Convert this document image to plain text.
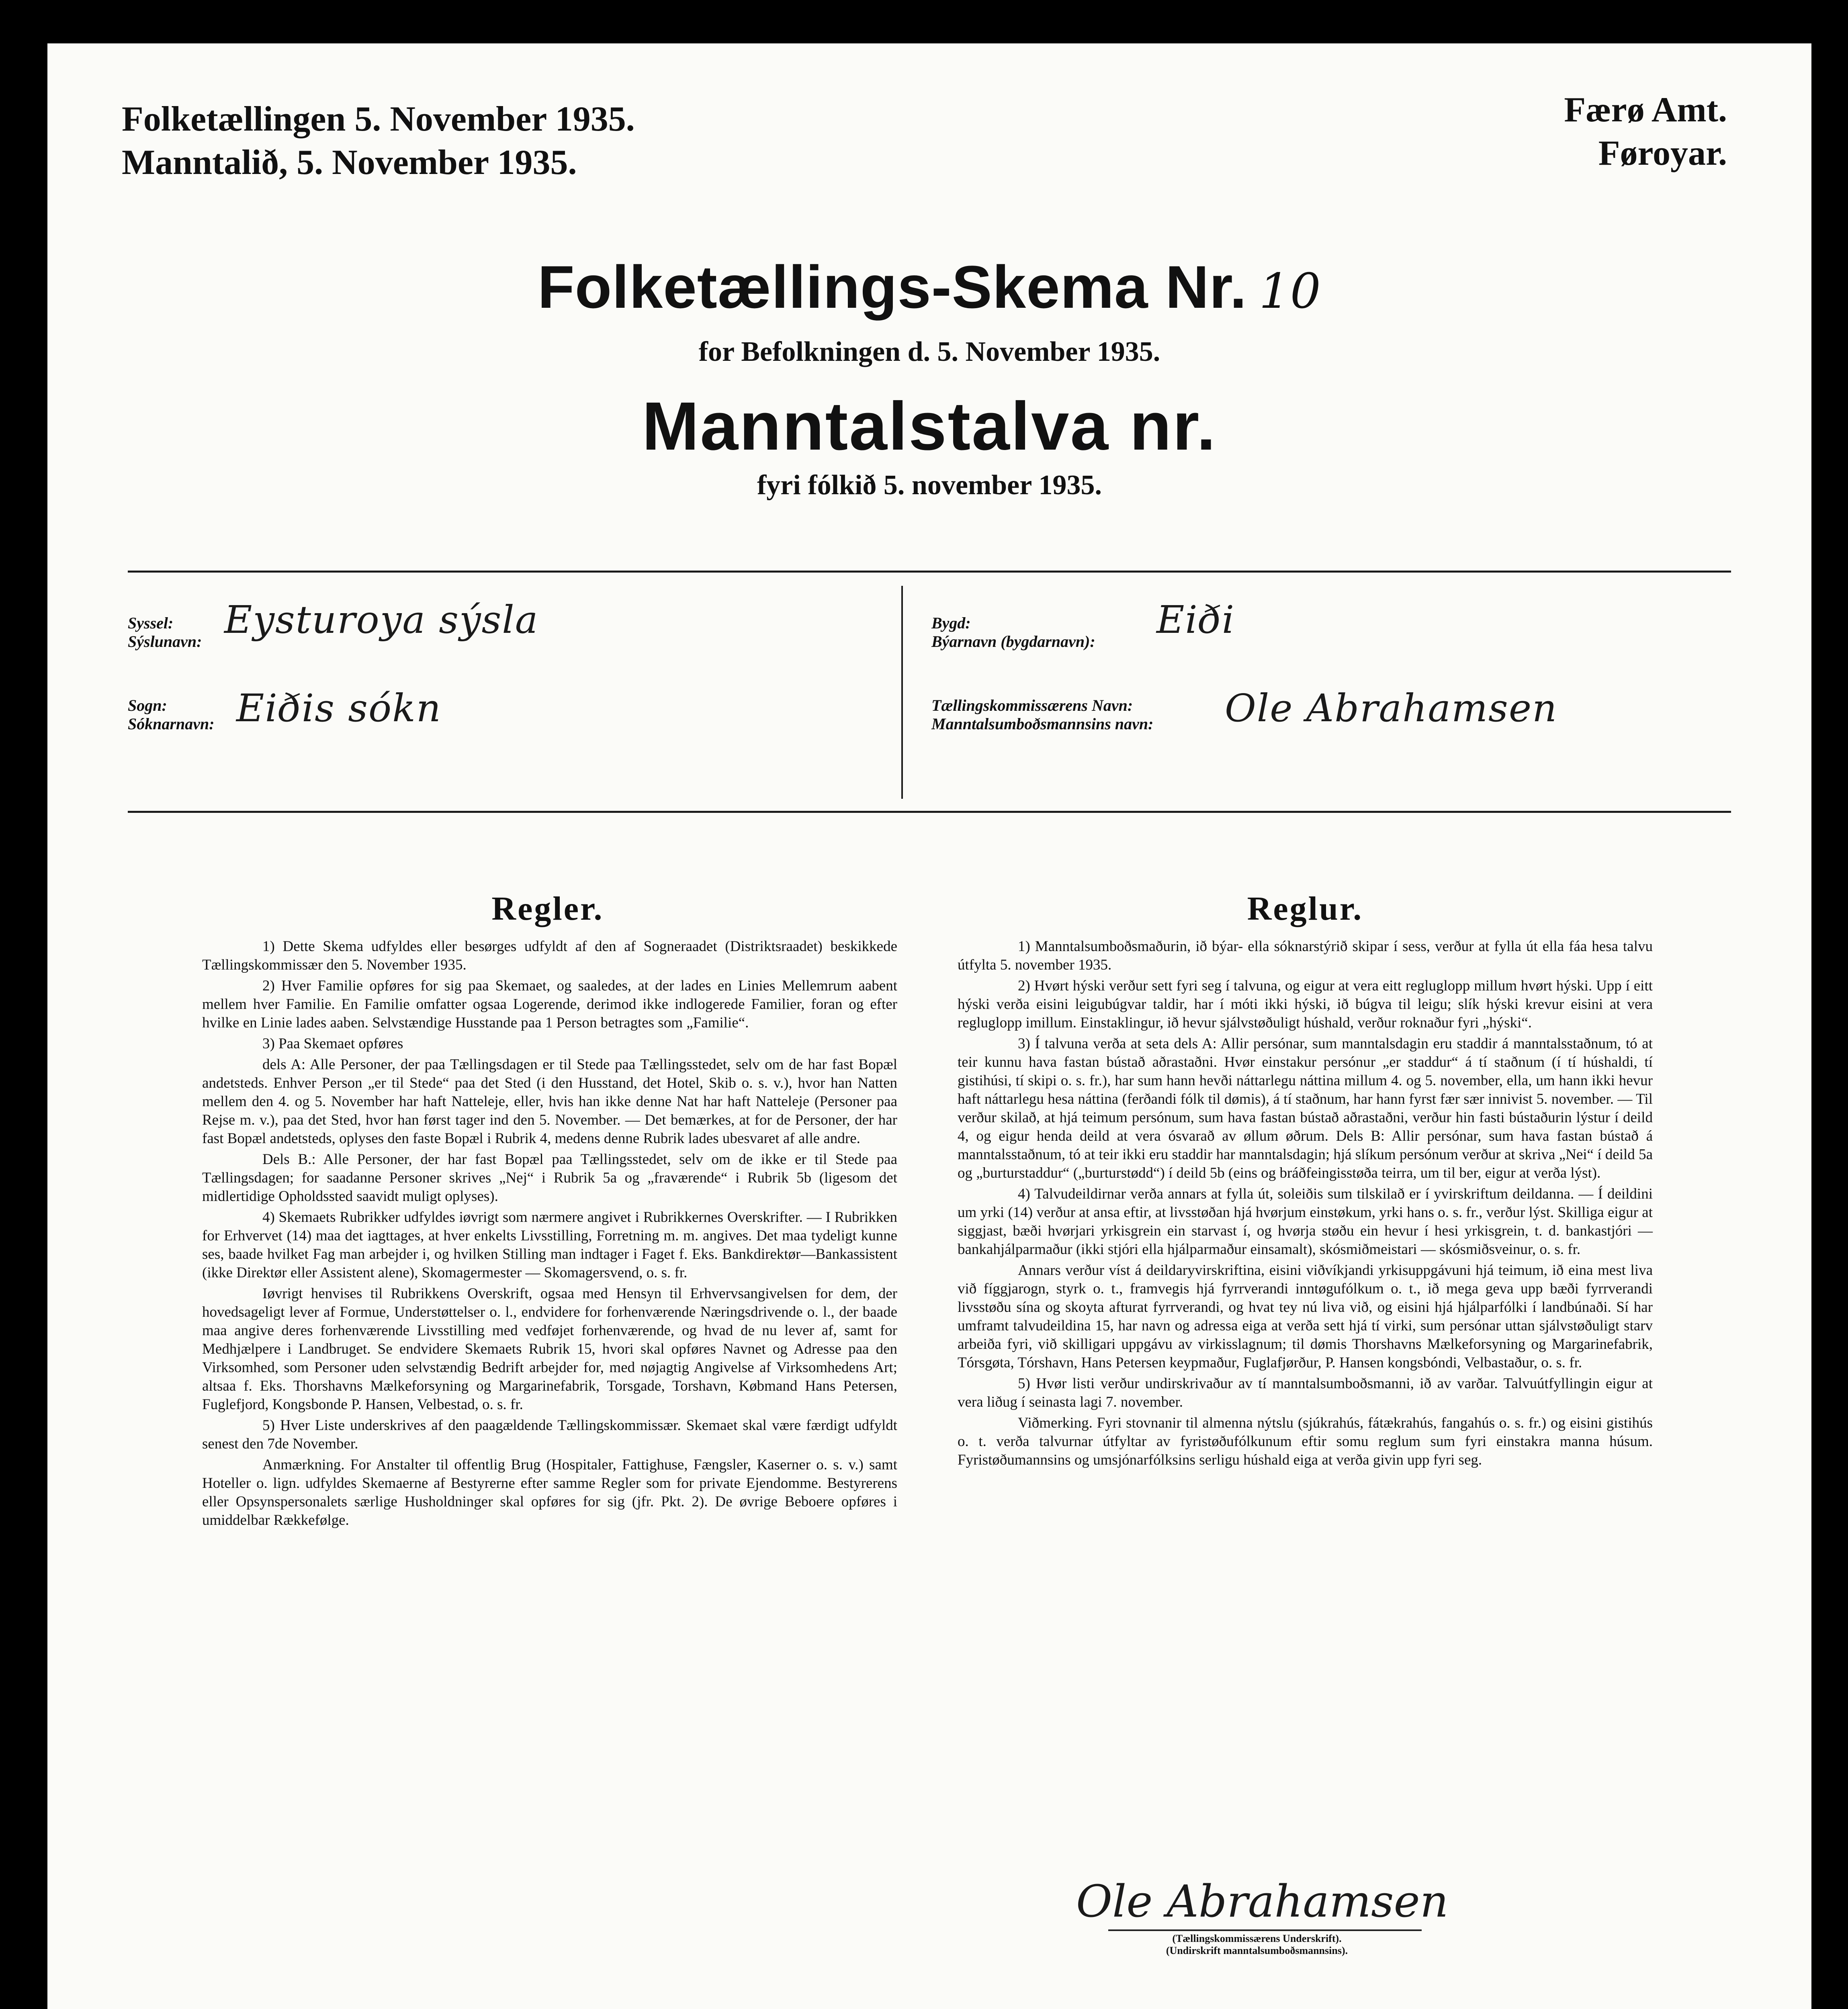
Folketællingen 5. November 1935.
Manntalið, 5. November 1935.
Færø Amt.
Føroyar.
Folketællings-Skema Nr. 10
for Befolkningen d. 5. November 1935.
Manntalstalva nr.
fyri fólkið 5. november 1935.
Syssel:
Sýslunavn: Eysturoya sýsla
Sogn:
Sóknarnavn: Eiðis sókn
Bygd:
Býarnavn (bygdarnavn): Eiði
Tællingskommissærens Navn:
Manntalsumboðsmannsins navn: Ole Abrahamsen
Regler.

1) Dette Skema udfyldes eller besørges udfyldt af den af Sogneraadet (Distriktsraadet) beskikkede Tællingskommissær den 5. November 1935.

2) Hver Familie opføres for sig paa Skemaet, og saaledes, at der lades en Linies Mellemrum aabent mellem hver Familie. En Familie omfatter ogsaa Logerende, derimod ikke indlogerede Familier, foran og efter hvilke en Linie lades aaben. Selvstændige Husstande paa 1 Person betragtes som „Familie“.

3) Paa Skemaet opføres

dels A: Alle Personer, der paa Tællingsdagen er til Stede paa Tællingsstedet, selv om de har fast Bopæl andetsteds. Enhver Person „er til Stede“ paa det Sted (i den Husstand, det Hotel, Skib o. s. v.), hvor han Natten mellem den 4. og 5. November har haft Natteleje, eller, hvis han ikke denne Nat har haft Natteleje (Personer paa Rejse m. v.), paa det Sted, hvor han først tager ind den 5. November. — Det bemærkes, at for de Personer, der har fast Bopæl andetsteds, oplyses den faste Bopæl i Rubrik 4, medens denne Rubrik lades ubesvaret af alle andre.

Dels B.: Alle Personer, der har fast Bopæl paa Tællingsstedet, selv om de ikke er til Stede paa Tællingsdagen; for saadanne Personer skrives „Nej“ i Rubrik 5a og „fraværende“ i Rubrik 5b (ligesom det midlertidige Opholdssted saavidt muligt oplyses).

4) Skemaets Rubrikker udfyldes iøvrigt som nærmere angivet i Rubrikkernes Overskrifter. — I Rubrikken for Erhvervet (14) maa det iagttages, at hver enkelts Livsstilling, Forretning m. m. angives. Det maa tydeligt kunne ses, baade hvilket Fag man arbejder i, og hvilken Stilling man indtager i Faget f. Eks. Bankdirektør—Bankassistent (ikke Direktør eller Assistent alene), Skomagermester — Skomagersvend, o. s. fr.

Iøvrigt henvises til Rubrikkens Overskrift, ogsaa med Hensyn til Erhvervsangivelsen for dem, der hovedsageligt lever af Formue, Understøttelser o. l., endvidere for forhenværende Næringsdrivende o. l., der baade maa angive deres forhenværende Livsstilling med vedføjet forhenværende, og hvad de nu lever af, samt for Medhjælpere i Landbruget. Se endvidere Skemaets Rubrik 15, hvori skal opføres Navnet og Adresse paa den Virksomhed, som Personer uden selvstændig Bedrift arbejder for, med nøjagtig Angivelse af Virksomhedens Art; altsaa f. Eks. Thorshavns Mælkeforsyning og Margarinefabrik, Torsgade, Torshavn, Købmand Hans Petersen, Fuglefjord, Kongsbonde P. Hansen, Velbestad, o. s. fr.

5) Hver Liste underskrives af den paagældende Tællingskommissær. Skemaet skal være færdigt udfyldt senest den 7de November.

Anmærkning. For Anstalter til offentlig Brug (Hospitaler, Fattighuse, Fængsler, Kaserner o. s. v.) samt Hoteller o. lign. udfyldes Skemaerne af Bestyrerne efter samme Regler som for private Ejendomme. Bestyrerens eller Opsynspersonalets særlige Husholdninger skal opføres for sig (jfr. Pkt. 2). De øvrige Beboere opføres i umiddelbar Rækkefølge.

Reglur.

1) Manntalsumboðsmaðurin, ið býar- ella sóknarstýrið skipar í sess, verður at fylla út ella fáa hesa talvu útfylta 5. november 1935.

2) Hvørt hýski verður sett fyri seg í talvuna, og eigur at vera eitt regluglopp millum hvørt hýski. Upp í eitt hýski verða eisini leigubúgvar taldir, har í móti ikki hýski, ið búgva til leigu; slík hýski krevur eisini at vera regluglopp imillum. Einstaklingur, ið hevur sjálvstøðuligt húshald, verður roknaður fyri „hýski“.

3) Í talvuna verða at seta dels A: Allir persónar, sum manntalsdagin eru staddir á manntalsstaðnum, tó at teir kunnu hava fastan bústað aðrastaðni. Hvør einstakur persónur „er staddur“ á tí staðnum (í tí húshaldi, tí gistihúsi, tí skipi o. s. fr.), har sum hann hevði náttarlegu náttina millum 4. og 5. november, ella, um hann ikki hevur haft náttarlegu hesa náttina (ferðandi fólk til dømis), á tí staðnum, har hann fyrst fær sær innivist 5. november. — Til verður skilað, at hjá teimum persónum, sum hava fastan bústað aðrastaðni, verður hin fasti bústaðurin lýstur í deild 4, og eigur henda deild at vera ósvarað av øllum øðrum. Dels B: Allir persónar, sum hava fastan bústað á manntalsstaðnum, tó at teir ikki eru staddir har manntalsdagin; hjá slíkum persónum verður at skriva „Nei“ í deild 5a og „burturstaddur“ („burturstødd“) í deild 5b (eins og bráðfeingisstøða teirra, um til ber, eigur at verða lýst).

4) Talvudeildirnar verða annars at fylla út, soleiðis sum tilskilað er í yvirskriftum deildanna. — Í deildini um yrki (14) verður at ansa eftir, at livsstøðan hjá hvørjum einstøkum, yrki hans o. s. fr., verður lýst. Skilliga eigur at siggjast, bæði hvørjari yrkisgrein ein starvast í, og hvørja støðu ein hevur í hesi yrkisgrein, t. d. bankastjóri — bankahjálparmaður (ikki stjóri ella hjálparmaður einsamalt), skósmiðmeistari — skósmiðsveinur, o. s. fr.

Annars verður víst á deildaryvirskriftina, eisini viðvíkjandi yrkisuppgávuni hjá teimum, ið eina mest liva við fíggjarogn, styrk o. t., framvegis hjá fyrrverandi inntøgufólkum o. t., ið mega geva upp bæði fyrrverandi livsstøðu sína og skoyta afturat fyrrverandi, og hvat tey nú liva við, og eisini hjá hjálparfólki í landbúnaði. Sí har umframt talvudeildina 15, har navn og adressa eiga at verða sett hjá tí virki, sum persónar uttan sjálvstøðuligt starv arbeiða fyri, við skilligari uppgávu av virkisslagnum; til dømis Thorshavns Mælkeforsyning og Margarinefabrik, Tórsgøta, Tórshavn, Hans Petersen keypmaður, Fuglafjørður, P. Hansen kongsbóndi, Velbastaður, o. s. fr.

5) Hvør listi verður undirskrivaður av tí manntalsumboðsmanni, ið av varðar. Talvuútfyllingin eigur at vera liðug í seinasta lagi 7. november.

Viðmerking. Fyri stovnanir til almenna nýtslu (sjúkrahús, fátækrahús, fangahús o. s. fr.) og eisini gistihús o. t. verða talvurnar útfyltar av fyristøðufólkunum eftir somu reglum sum fyri einstakra manna húsum. Fyristøðumannsins og umsjónarfólksins serligu húshald eiga at verða givin upp fyri seg.

Ole Abrahamsen
(Tællingskommissærens Underskrift).
(Undirskrift manntalsumboðsmannsins).
